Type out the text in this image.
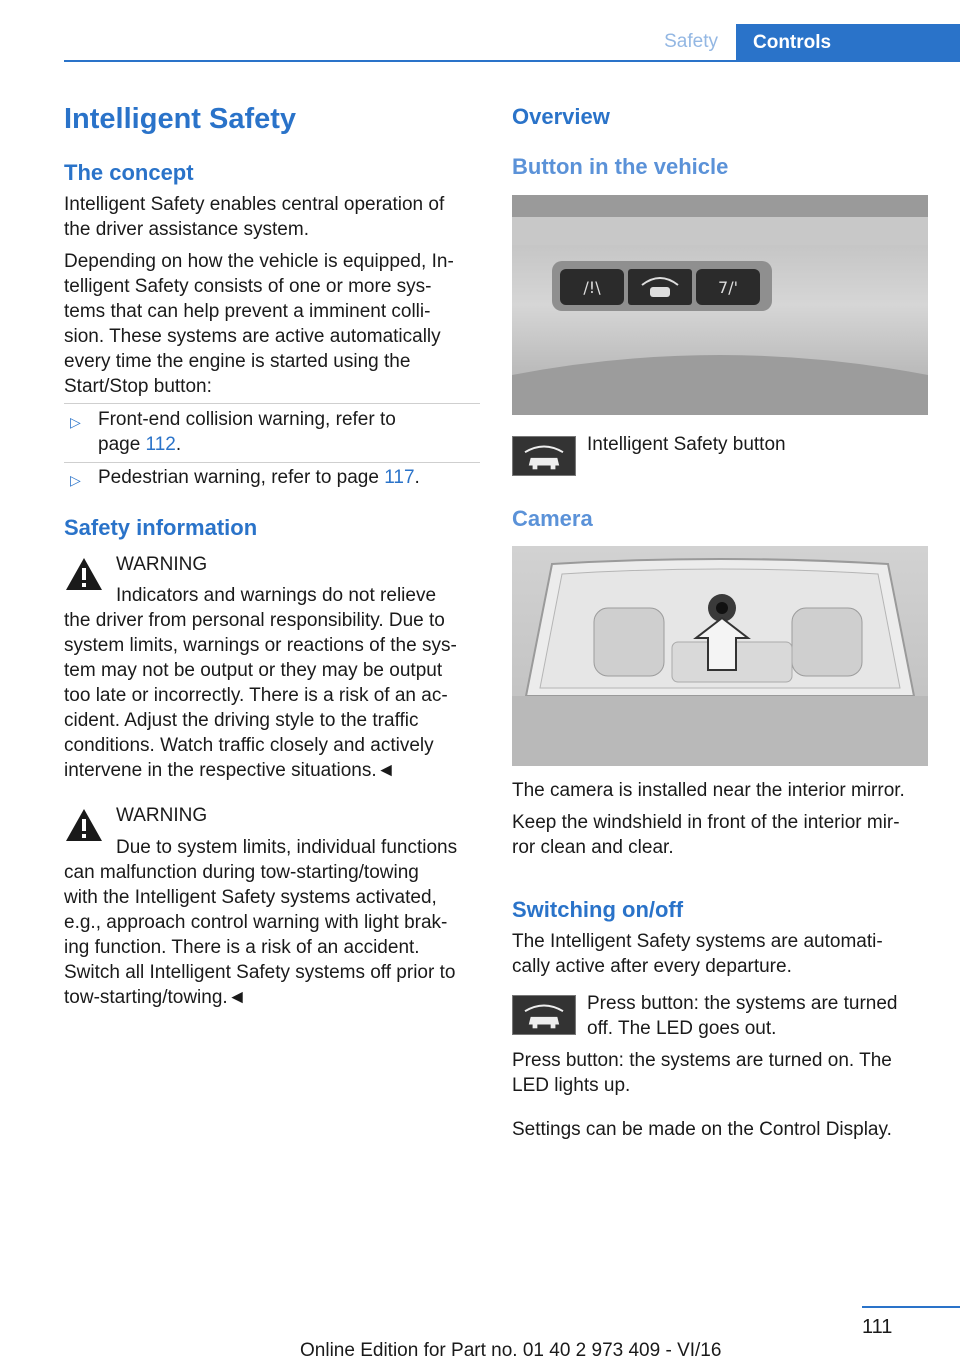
Safety	Controls
Intelligent Safety
The concept
Intelligent Safety enables central operation of
the driver assistance system.
Depending on how the vehicle is equipped, In-
telligent Safety consists of one or more sys-
tems that can help prevent a imminent colli-
sion. These systems are active automatically
every time the engine is started using the
Start/Stop button:
▷ Front-end collision warning, refer to
page 112.
▷ Pedestrian warning, refer to page 117.
Safety information
WARNING
Indicators and warnings do not relieve
the driver from personal responsibility. Due to
system limits, warnings or reactions of the sys-
tem may not be output or they may be output
too late or incorrectly. There is a risk of an ac-
cident. Adjust the driving style to the traffic
conditions. Watch traffic closely and actively
intervene in the respective situations.◄
WARNING
Due to system limits, individual functions
can malfunction during tow-starting/towing
with the Intelligent Safety systems activated,
e.g., approach control warning with light brak-
ing function. There is a risk of an accident.
Switch all Intelligent Safety systems off prior to
tow-starting/towing.◄
Overview
Button in the vehicle
/!\	7/'
Intelligent Safety button
Camera
The camera is installed near the interior mirror.
Keep the windshield in front of the interior mir-
ror clean and clear.
Switching on/off
The Intelligent Safety systems are automati-
cally active after every departure.
Press button: the systems are turned
off. The LED goes out.
Press button: the systems are turned on. The
LED lights up.
Settings can be made on the Control Display.
111
Online Edition for Part no. 01 40 2 973 409 - VI/16
